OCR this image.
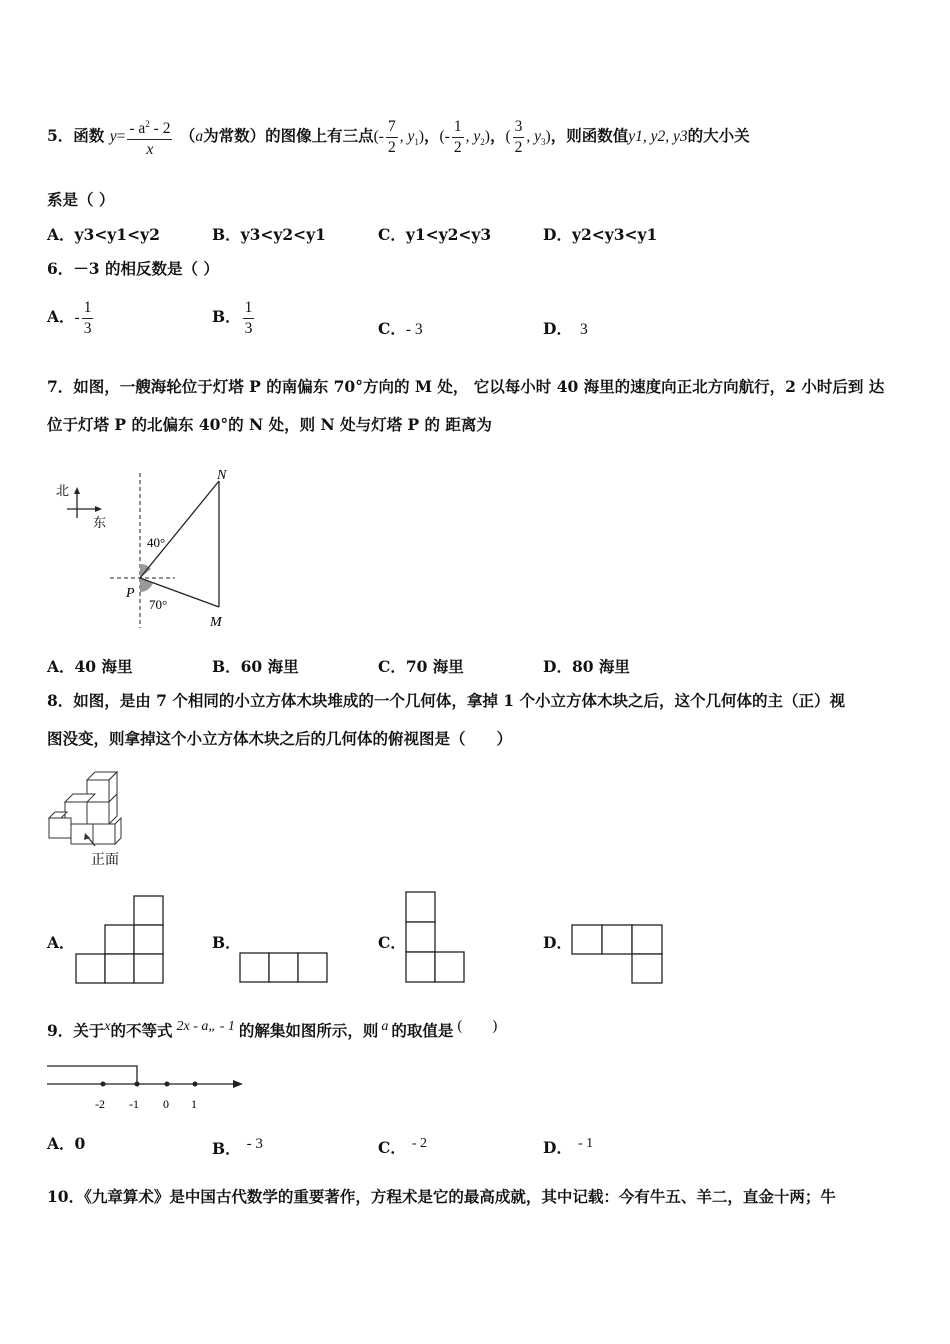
5．函数 $y= \frac{- a^2 - 2}{x} (a$为常数）的图像上有三点(- $\frac{7}{2}$ , $y_1$)，(- $\frac{1}{2}$ , $y_2$)，( $\frac{3}{2}$ , $y_3$)，则函数值y1, y2, y3的大小关
系是（ ）
A．y3<y1<y2	B．y3<y2<y1	C．y1<y2<y3	D．y2<y3<y1
6．－3 的相反数是（ ）
A．- $\frac{1}{3}$	B． $\frac{1}{3}$	C．- 3	D． 3
7．如图，一艘海轮位于灯塔 P 的南偏东 70°方向的 M 处， 它以每小时 40 海里的速度向正北方向航行，2 小时后到 达
位于灯塔 P 的北偏东 40°的 N 处，则 N 处与灯塔 P 的 距离为
北
东
40°
70°
P
N
M
A．40 海里	B．60 海里	C．70 海里	D．80 海里
8．如图，是由 7 个相同的小立方体木块堆成的一个几何体，拿掉 1 个小立方体木块之后，这个几何体的主（正）视
图没变，则拿掉这个小立方体木块之后的几何体的俯视图是（　　）
正面
A．	B．	C．	D．
9．关于$^x$的不等式 $^{2x - a„ - 1}$ 的解集如图所示，则 $^a$ 的取值是 (　　)
-2 -1 0 1
A．0	B． $^{- 3}$	C． $^{- 2}$	D． $^{- 1}$
10．《九章算术》是中国古代数学的重要著作，方程术是它的最高成就，其中记载：今有牛五、羊二，直金十两；牛
